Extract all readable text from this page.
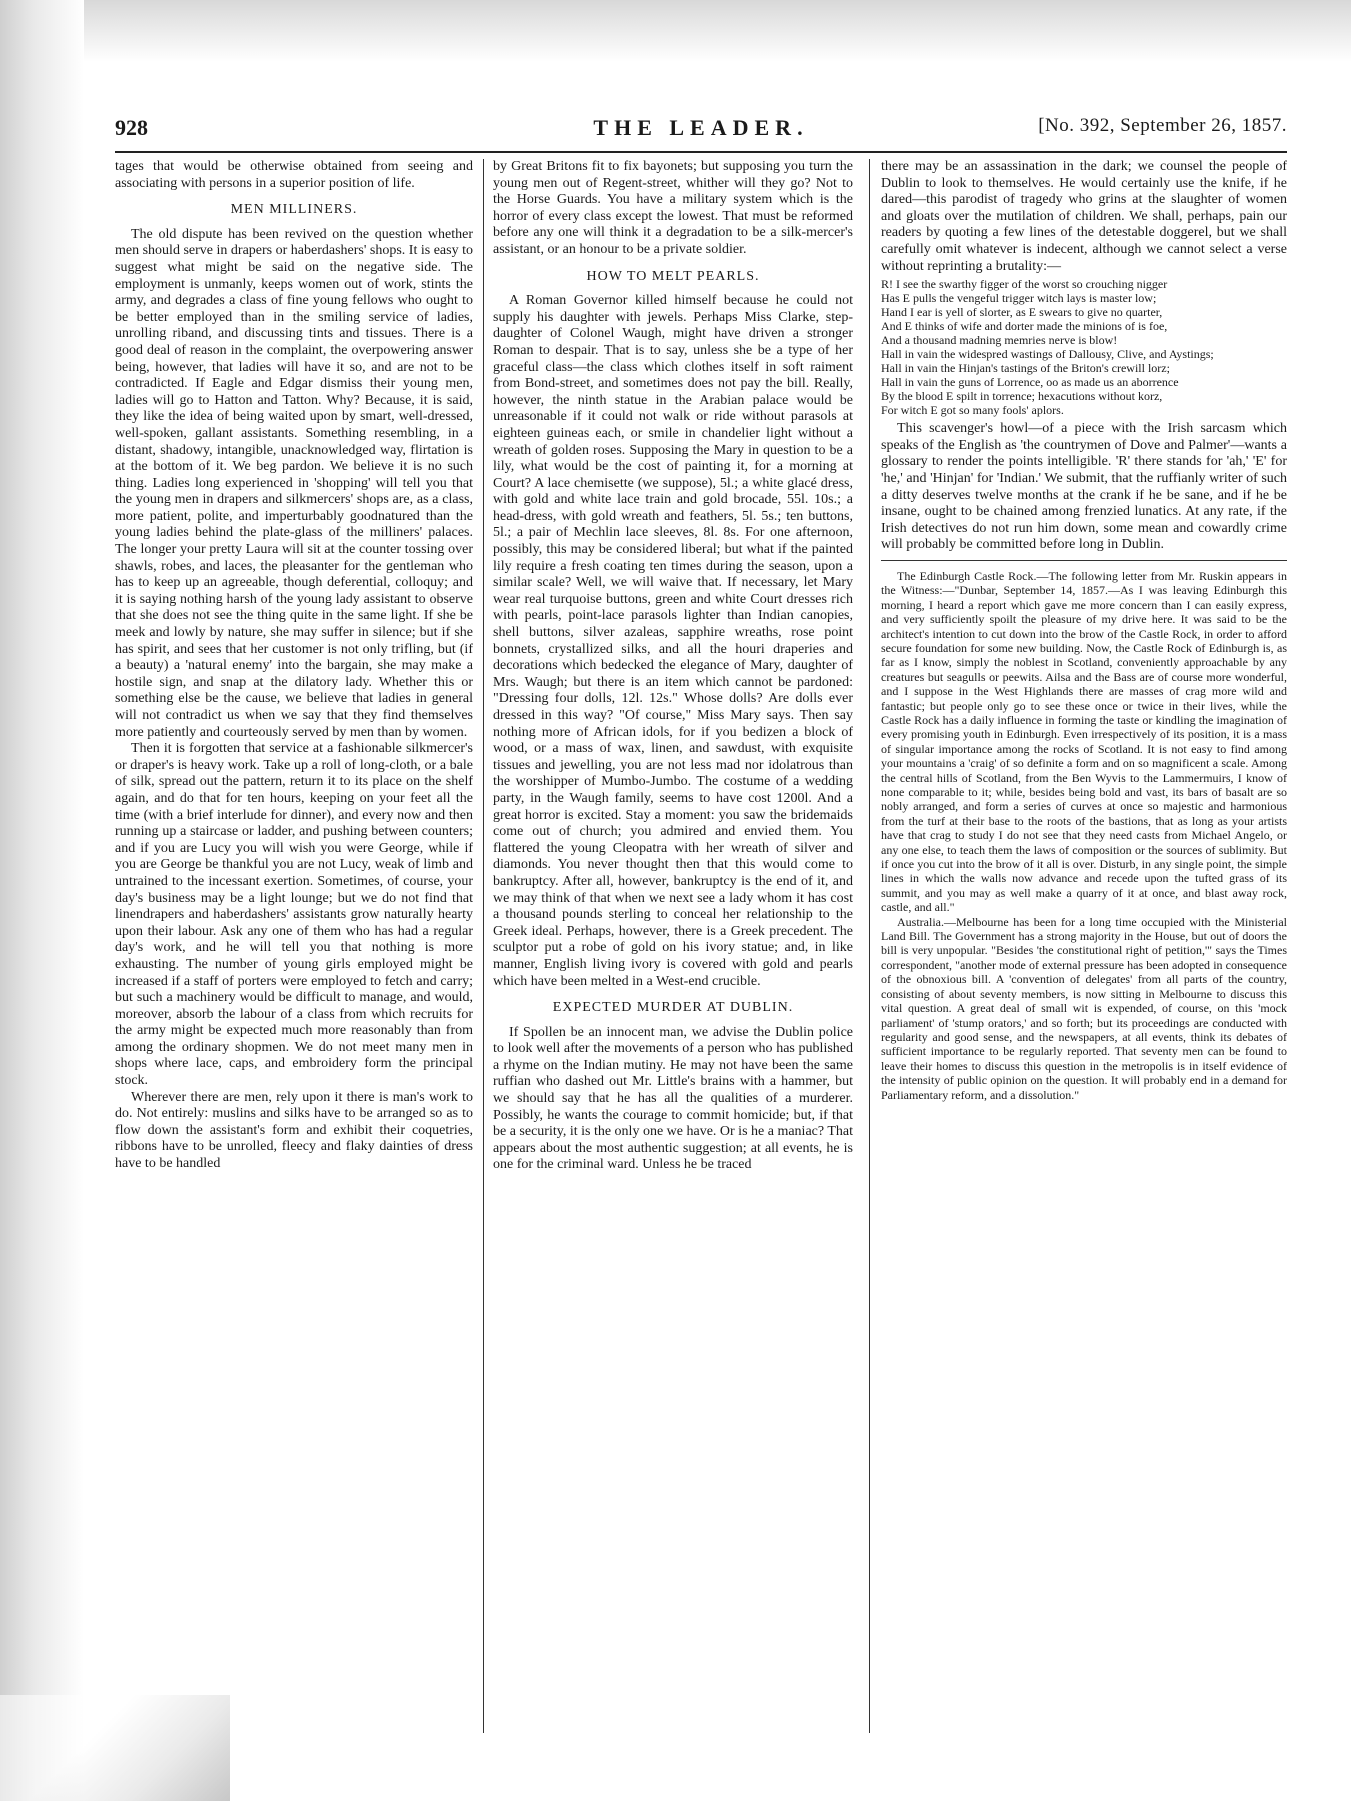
928	THE LEADER.	[No. 392, September 26, 1857.

tages that would be otherwise obtained from seeing and associating with persons in a superior position of life.

MEN MILLINERS.

The old dispute has been revived on the question whether men should serve in drapers or haberdashers' shops. It is easy to suggest what might be said on the negative side. The employment is unmanly, keeps women out of work, stints the army, and degrades a class of fine young fellows who ought to be better employed than in the smiling service of ladies, unrolling riband, and discussing tints and tissues. There is a good deal of reason in the complaint, the overpowering answer being, however, that ladies will have it so, and are not to be contradicted. If Eagle and Edgar dismiss their young men, ladies will go to Hatton and Tatton. Why? Because, it is said, they like the idea of being waited upon by smart, well-dressed, well-spoken, gallant assistants. Something resembling, in a distant, shadowy, intangible, unacknowledged way, flirtation is at the bottom of it. We beg pardon. We believe it is no such thing. Ladies long experienced in 'shopping' will tell you that the young men in drapers and silkmercers' shops are, as a class, more patient, polite, and imperturbably goodnatured than the young ladies behind the plate-glass of the milliners' palaces. The longer your pretty Laura will sit at the counter tossing over shawls, robes, and laces, the pleasanter for the gentleman who has to keep up an agreeable, though deferential, colloquy; and it is saying nothing harsh of the young lady assistant to observe that she does not see the thing quite in the same light. If she be meek and lowly by nature, she may suffer in silence; but if she has spirit, and sees that her customer is not only trifling, but (if a beauty) a 'natural enemy' into the bargain, she may make a hostile sign, and snap at the dilatory lady. Whether this or something else be the cause, we believe that ladies in general will not contradict us when we say that they find themselves more patiently and courteously served by men than by women.

Then it is forgotten that service at a fashionable silkmercer's or draper's is heavy work. Take up a roll of long-cloth, or a bale of silk, spread out the pattern, return it to its place on the shelf again, and do that for ten hours, keeping on your feet all the time (with a brief interlude for dinner), and every now and then running up a staircase or ladder, and pushing between counters; and if you are Lucy you will wish you were George, while if you are George be thankful you are not Lucy, weak of limb and untrained to the incessant exertion. Sometimes, of course, your day's business may be a light lounge; but we do not find that linendrapers and haberdashers' assistants grow naturally hearty upon their labour. Ask any one of them who has had a regular day's work, and he will tell you that nothing is more exhausting. The number of young girls employed might be increased if a staff of porters were employed to fetch and carry; but such a machinery would be difficult to manage, and would, moreover, absorb the labour of a class from which recruits for the army might be expected much more reasonably than from among the ordinary shopmen. We do not meet many men in shops where lace, caps, and embroidery form the principal stock.

Wherever there are men, rely upon it there is man's work to do. Not entirely: muslins and silks have to be arranged so as to flow down the assistant's form and exhibit their coquetries, ribbons have to be unrolled, fleecy and flaky dainties of dress have to be handled

by Great Britons fit to fix bayonets; but supposing you turn the young men out of Regent-street, whither will they go? Not to the Horse Guards. You have a military system which is the horror of every class except the lowest. That must be reformed before any one will think it a degradation to be a silk-mercer's assistant, or an honour to be a private soldier.

HOW TO MELT PEARLS.

A Roman Governor killed himself because he could not supply his daughter with jewels. Perhaps Miss Clarke, step-daughter of Colonel Waugh, might have driven a stronger Roman to despair. That is to say, unless she be a type of her graceful class—the class which clothes itself in soft raiment from Bond-street, and sometimes does not pay the bill. Really, however, the ninth statue in the Arabian palace would be unreasonable if it could not walk or ride without parasols at eighteen guineas each, or smile in chandelier light without a wreath of golden roses. Supposing the Mary in question to be a lily, what would be the cost of painting it, for a morning at Court? A lace chemisette (we suppose), 5l.; a white glacé dress, with gold and white lace train and gold brocade, 55l. 10s.; a head-dress, with gold wreath and feathers, 5l. 5s.; ten buttons, 5l.; a pair of Mechlin lace sleeves, 8l. 8s. For one afternoon, possibly, this may be considered liberal; but what if the painted lily require a fresh coating ten times during the season, upon a similar scale? Well, we will waive that. If necessary, let Mary wear real turquoise buttons, green and white Court dresses rich with pearls, point-lace parasols lighter than Indian canopies, shell buttons, silver azaleas, sapphire wreaths, rose point bonnets, crystallized silks, and all the houri draperies and decorations which bedecked the elegance of Mary, daughter of Mrs. Waugh; but there is an item which cannot be pardoned: "Dressing four dolls, 12l. 12s." Whose dolls? Are dolls ever dressed in this way? "Of course," Miss Mary says. Then say nothing more of African idols, for if you bedizen a block of wood, or a mass of wax, linen, and sawdust, with exquisite tissues and jewelling, you are not less mad nor idolatrous than the worshipper of Mumbo-Jumbo. The costume of a wedding party, in the Waugh family, seems to have cost 1200l. And a great horror is excited. Stay a moment: you saw the bridemaids come out of church; you admired and envied them. You flattered the young Cleopatra with her wreath of silver and diamonds. You never thought then that this would come to bankruptcy. After all, however, bankruptcy is the end of it, and we may think of that when we next see a lady whom it has cost a thousand pounds sterling to conceal her relationship to the Greek ideal. Perhaps, however, there is a Greek precedent. The sculptor put a robe of gold on his ivory statue; and, in like manner, English living ivory is covered with gold and pearls which have been melted in a West-end crucible.

EXPECTED MURDER AT DUBLIN.

If Spollen be an innocent man, we advise the Dublin police to look well after the movements of a person who has published a rhyme on the Indian mutiny. He may not have been the same ruffian who dashed out Mr. Little's brains with a hammer, but we should say that he has all the qualities of a murderer. Possibly, he wants the courage to commit homicide; but, if that be a security, it is the only one we have. Or is he a maniac? That appears about the most authentic suggestion; at all events, he is one for the criminal ward. Unless he be traced

there may be an assassination in the dark; we counsel the people of Dublin to look to themselves. He would certainly use the knife, if he dared—this parodist of tragedy who grins at the slaughter of women and gloats over the mutilation of children. We shall, perhaps, pain our readers by quoting a few lines of the detestable doggerel, but we shall carefully omit whatever is indecent, although we cannot select a verse without reprinting a brutality:—

R! I see the swarthy figger of the worst so crouching nigger
Has E pulls the vengeful trigger witch lays is master low;
Hand I ear is yell of slorter, as E swears to give no quarter,
And E thinks of wife and dorter made the minions of is foe,
And a thousand madning memries nerve is blow!
Hall in vain the widespred wastings of Dallousy, Clive, and Aystings;
Hall in vain the Hinjan's tastings of the Briton's crewill lorz;
Hall in vain the guns of Lorrence, oo as made us an aborrence
By the blood E spilt in torrence; hexacutions without korz,
For witch E got so many fools' aplors.

This scavenger's howl—of a piece with the Irish sarcasm which speaks of the English as 'the countrymen of Dove and Palmer'—wants a glossary to render the points intelligible. 'R' there stands for 'ah,' 'E' for 'he,' and 'Hinjan' for 'Indian.' We submit, that the ruffianly writer of such a ditty deserves twelve months at the crank if he be sane, and if he be insane, ought to be chained among frenzied lunatics. At any rate, if the Irish detectives do not run him down, some mean and cowardly crime will probably be committed before long in Dublin.

The Edinburgh Castle Rock.—The following letter from Mr. Ruskin appears in the Witness:—"Dunbar, September 14, 1857.—As I was leaving Edinburgh this morning, I heard a report which gave me more concern than I can easily express, and very sufficiently spoilt the pleasure of my drive here. It was said to be the architect's intention to cut down into the brow of the Castle Rock, in order to afford secure foundation for some new building. Now, the Castle Rock of Edinburgh is, as far as I know, simply the noblest in Scotland, conveniently approachable by any creatures but seagulls or peewits. Ailsa and the Bass are of course more wonderful, and I suppose in the West Highlands there are masses of crag more wild and fantastic; but people only go to see these once or twice in their lives, while the Castle Rock has a daily influence in forming the taste or kindling the imagination of every promising youth in Edinburgh. Even irrespectively of its position, it is a mass of singular importance among the rocks of Scotland. It is not easy to find among your mountains a 'craig' of so definite a form and on so magnificent a scale. Among the central hills of Scotland, from the Ben Wyvis to the Lammermuirs, I know of none comparable to it; while, besides being bold and vast, its bars of basalt are so nobly arranged, and form a series of curves at once so majestic and harmonious from the turf at their base to the roots of the bastions, that as long as your artists have that crag to study I do not see that they need casts from Michael Angelo, or any one else, to teach them the laws of composition or the sources of sublimity. But if once you cut into the brow of it all is over. Disturb, in any single point, the simple lines in which the walls now advance and recede upon the tufted grass of its summit, and you may as well make a quarry of it at once, and blast away rock, castle, and all."

Australia.—Melbourne has been for a long time occupied with the Ministerial Land Bill. The Government has a strong majority in the House, but out of doors the bill is very unpopular. "Besides 'the constitutional right of petition,'" says the Times correspondent, "another mode of external pressure has been adopted in consequence of the obnoxious bill. A 'convention of delegates' from all parts of the country, consisting of about seventy members, is now sitting in Melbourne to discuss this vital question. A great deal of small wit is expended, of course, on this 'mock parliament' of 'stump orators,' and so forth; but its proceedings are conducted with regularity and good sense, and the newspapers, at all events, think its debates of sufficient importance to be regularly reported. That seventy men can be found to leave their homes to discuss this question in the metropolis is in itself evidence of the intensity of public opinion on the question. It will probably end in a demand for Parliamentary reform, and a dissolution."
